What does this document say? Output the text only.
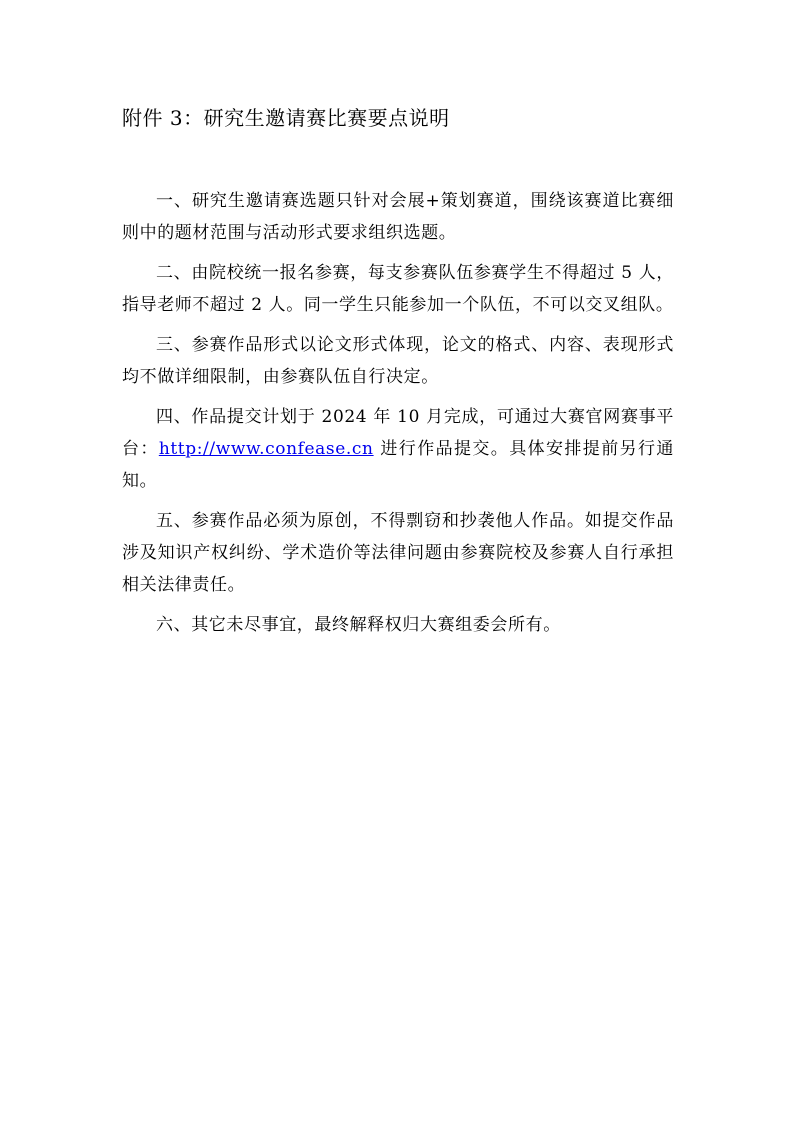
附件 3：研究生邀请赛比赛要点说明

一、研究生邀请赛选题只针对会展+策划赛道，围绕该赛道比赛细则中的题材范围与活动形式要求组织选题。

二、由院校统一报名参赛，每支参赛队伍参赛学生不得超过 5 人，指导老师不超过 2 人。同一学生只能参加一个队伍，不可以交叉组队。

三、参赛作品形式以论文形式体现，论文的格式、内容、表现形式均不做详细限制，由参赛队伍自行决定。

四、作品提交计划于 2024 年 10 月完成，可通过大赛官网赛事平台：http://www.confease.cn 进行作品提交。具体安排提前另行通知。

五、参赛作品必须为原创，不得剽窃和抄袭他人作品。如提交作品涉及知识产权纠纷、学术造价等法律问题由参赛院校及参赛人自行承担相关法律责任。

六、其它未尽事宜，最终解释权归大赛组委会所有。
